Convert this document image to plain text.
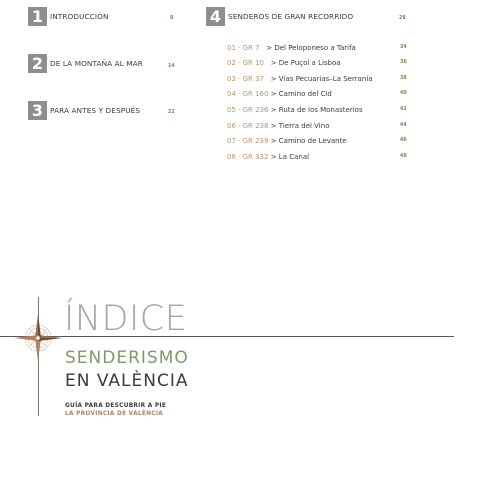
1 INTRODUCCIÓN	8
2 DE LA MONTAÑA AL MAR	14
3 PARA ANTES Y DESPUÉS	22
4 SENDEROS DE GRAN RECORRIDO	28
01 · GR 7 > Del Peloponeso a Tarifa	34
02 · GR 10 > De Puçol a Lisboa	36
03 · GR 37 > Vías Pecuarias–La Serranía	38
04 · GR 160 > Camino del Cid	40
05 · GR 236 > Ruta de los Monasterios	42
06 · GR 238 > Tierra del Vino	44
07 · GR 239 > Camino de Levante	46
08 · GR 332 > La Canal	48
ÍNDICE
SENDERISMO
EN VALÈNCIA
GUÍA PARA DESCUBRIR A PIE
LA PROVINCIA DE VALÈNCIA
